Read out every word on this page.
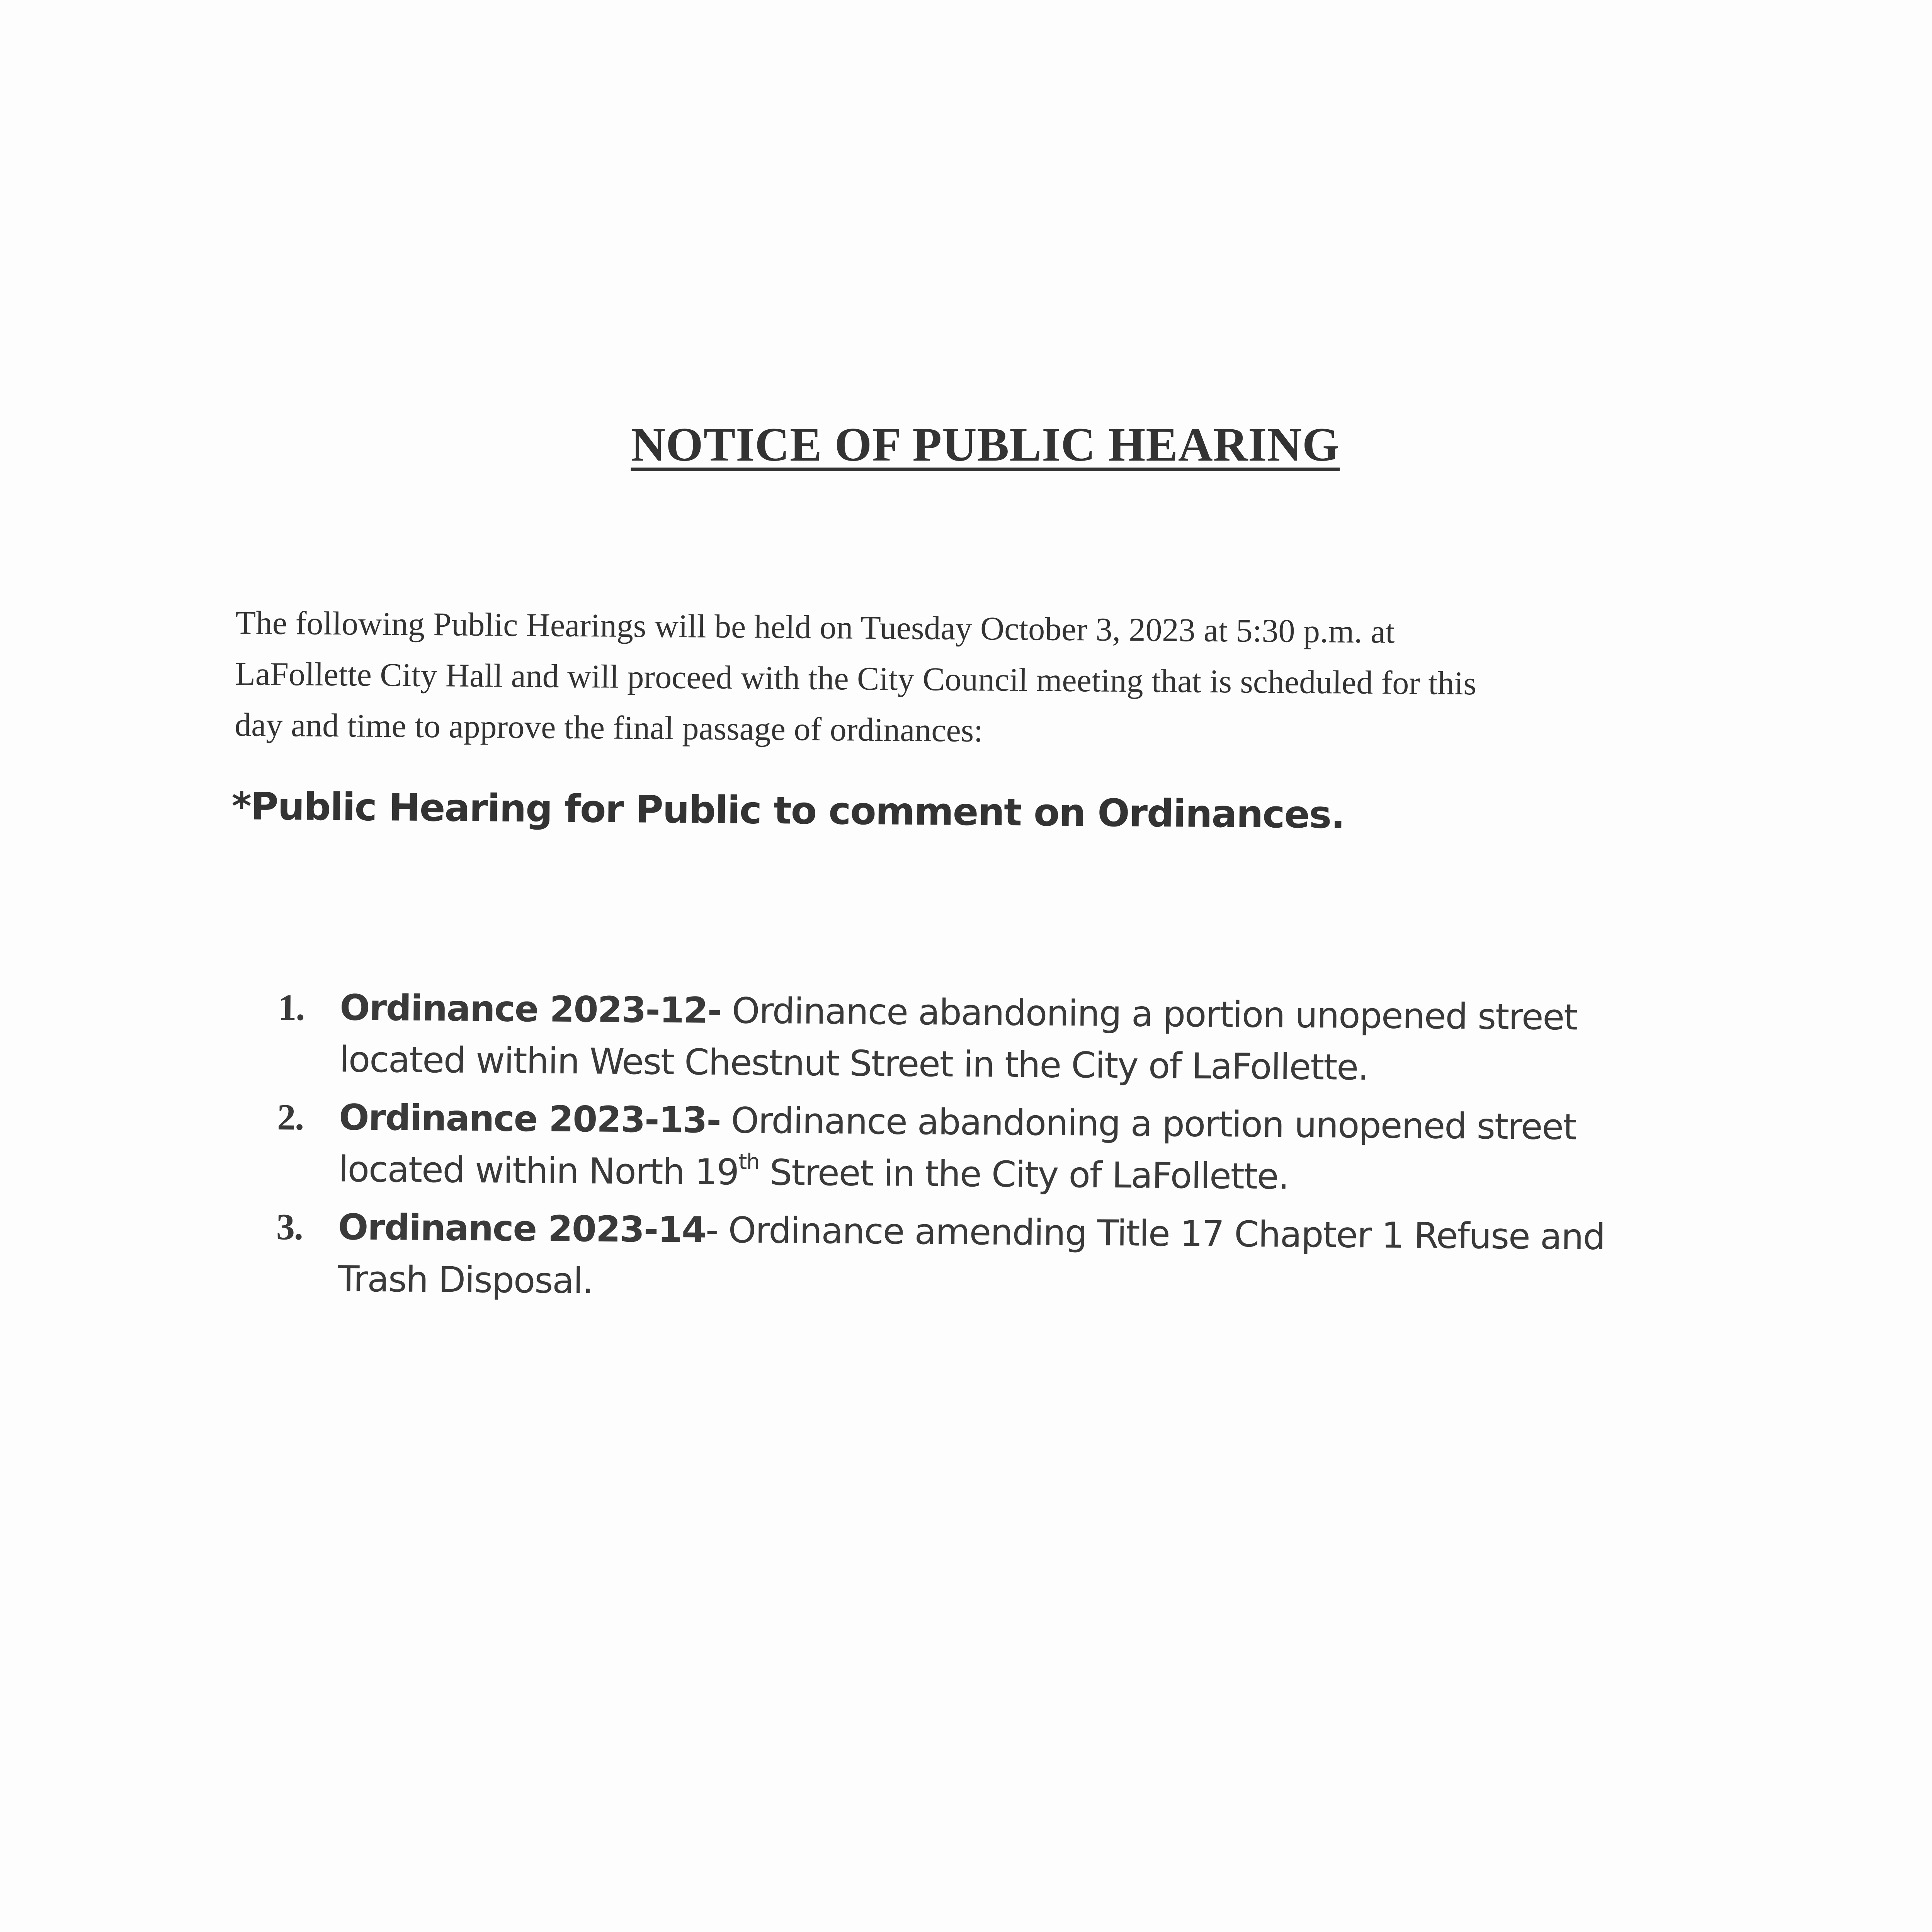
NOTICE OF PUBLIC HEARING
The following Public Hearings will be held on Tuesday October 3, 2023 at 5:30 p.m. at
LaFollette City Hall and will proceed with the City Council meeting that is scheduled for this
day and time to approve the final passage of ordinances:
*Public Hearing for Public to comment on Ordinances.
1. Ordinance 2023-12- Ordinance abandoning a portion unopened street
located within West Chestnut Street in the City of LaFollette.
2. Ordinance 2023-13- Ordinance abandoning a portion unopened street
located within North 19th Street in the City of LaFollette.
3. Ordinance 2023-14- Ordinance amending Title 17 Chapter 1 Refuse and
Trash Disposal.
